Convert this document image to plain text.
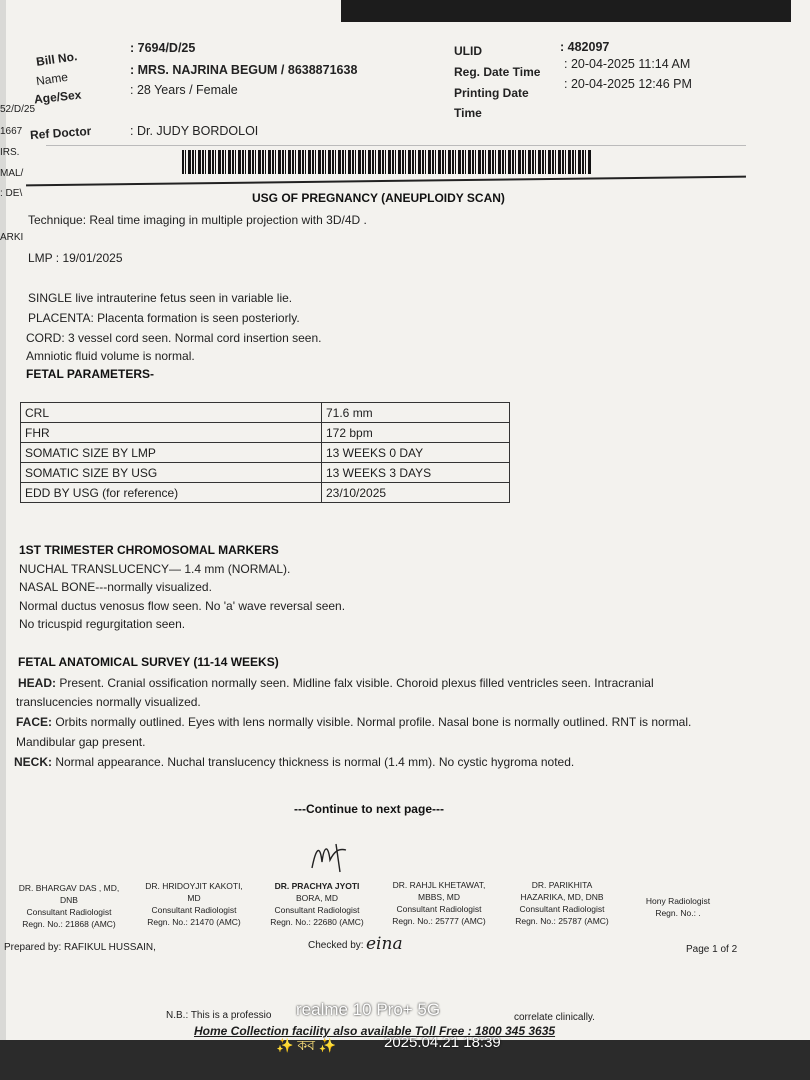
52/D/25
1667
IRS.
MAL/
: DE\
ARKI
Bill No.
: 7694/D/25
Name	: MRS. NAJRINA BEGUM / 8638871638
Age/Sex	: 28 Years / Female
Ref Doctor	: Dr. JUDY BORDOLOI
ULID	: 482097
Reg. Date Time
: 20-04-2025 11:14 AM
Printing Date
Time
: 20-04-2025 12:46 PM
USG OF PREGNANCY (ANEUPLOIDY SCAN)
Technique: Real time imaging in multiple projection with 3D/4D .
LMP : 19/01/2025
SINGLE live intrauterine fetus seen in variable lie.
PLACENTA: Placenta formation is seen posteriorly.
CORD: 3 vessel cord seen. Normal cord insertion seen.
Amniotic fluid volume is normal.
FETAL PARAMETERS-
CRL	71.6 mm
FHR	172 bpm
SOMATIC SIZE BY LMP	13 WEEKS 0 DAY
SOMATIC SIZE BY USG	13 WEEKS 3 DAYS
EDD BY USG (for reference)	23/10/2025
1ST TRIMESTER CHROMOSOMAL MARKERS
NUCHAL TRANSLUCENCY— 1.4 mm (NORMAL).
NASAL BONE---normally visualized.
Normal ductus venosus flow seen. No 'a' wave reversal seen.
No tricuspid regurgitation seen.
FETAL ANATOMICAL SURVEY (11-14 WEEKS)
HEAD: Present. Cranial ossification normally seen. Midline falx visible. Choroid plexus filled ventricles seen. Intracranial
translucencies normally visualized.
FACE: Orbits normally outlined. Eyes with lens normally visible. Normal profile. Nasal bone is normally outlined. RNT is normal.
Mandibular gap present.
NECK: Normal appearance. Nuchal translucency thickness is normal (1.4 mm). No cystic hygroma noted.
---Continue to next page---
DR. BHARGAV DAS , MD,
DNB
Consultant Radiologist
Regn. No.: 21868 (AMC)
DR. HRIDOYJIT KAKOTI,
MD
Consultant Radiologist
Regn. No.: 21470 (AMC)
DR. PRACHYA JYOTI
BORA, MD
Consultant Radiologist
Regn. No.: 22680 (AMC)
DR. RAHJL KHETAWAT,
MBBS, MD
Consultant Radiologist
Regn. No.: 25777 (AMC)
DR. PARIKHITA
HAZARIKA, MD, DNB
Consultant Radiologist
Regn. No.: 25787 (AMC)
Hony Radiologist
Regn. No.: .
Prepared by: RAFIKUL HUSSAIN,	Checked by: eina	Page 1 of 2
N.B.: This is a professio	correlate clinically.
Home Collection facility also available Toll Free : 1800 345 3635
realme 10 Pro+ 5G
✨ কব ✨	2025.04.21 18:39
